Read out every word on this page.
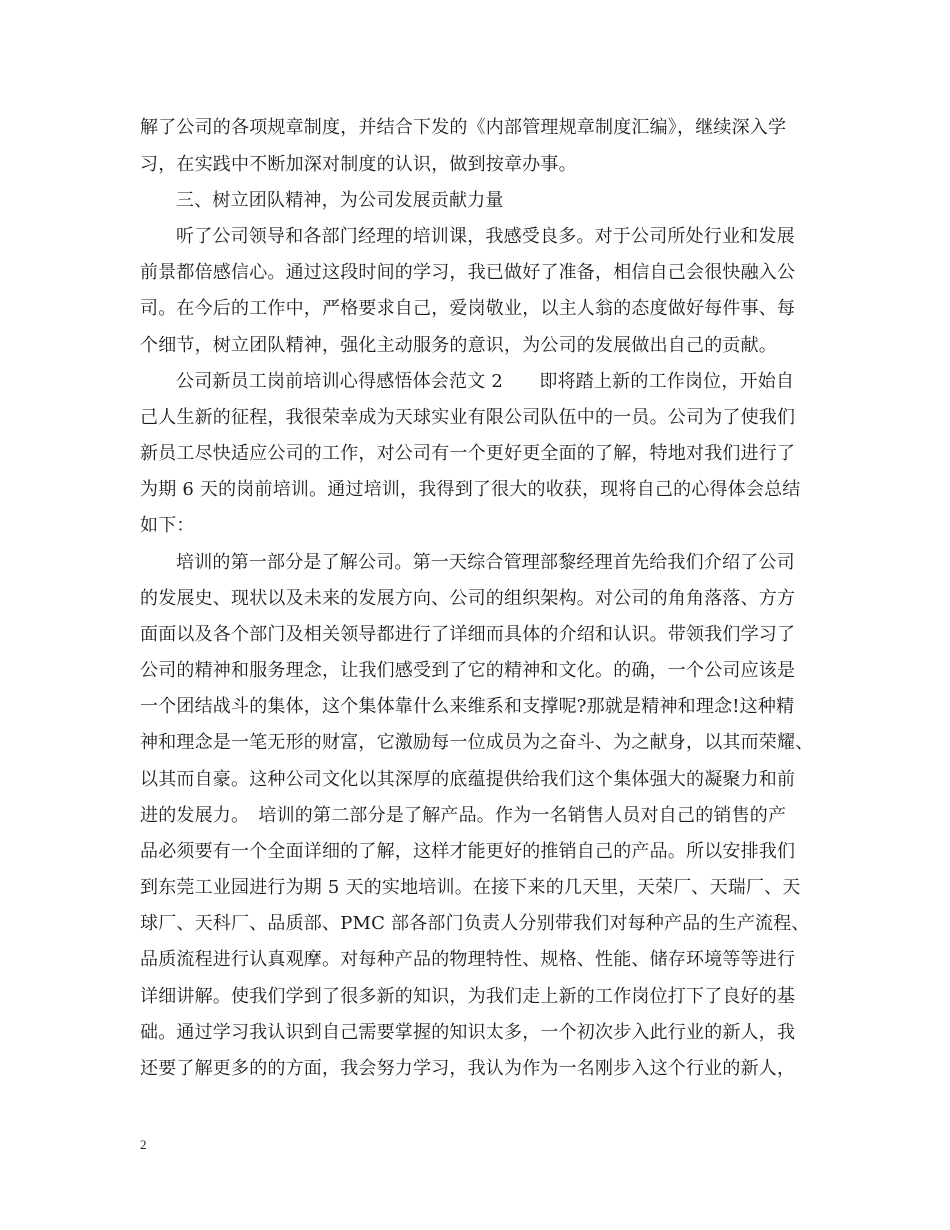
解了公司的各项规章制度，并结合下发的《内部管理规章制度汇编》，继续深入学
习，在实践中不断加深对制度的认识，做到按章办事。
三、树立团队精神，为公司发展贡献力量
听了公司领导和各部门经理的培训课，我感受良多。对于公司所处行业和发展
前景都倍感信心。通过这段时间的学习，我已做好了准备，相信自己会很快融入公
司。在今后的工作中，严格要求自己，爱岗敬业，以主人翁的态度做好每件事、每
个细节，树立团队精神，强化主动服务的意识，为公司的发展做出自己的贡献。
公司新员工岗前培训心得感悟体会范文 2　　即将踏上新的工作岗位，开始自
己人生新的征程，我很荣幸成为天球实业有限公司队伍中的一员。公司为了使我们
新员工尽快适应公司的工作，对公司有一个更好更全面的了解，特地对我们进行了
为期 6 天的岗前培训。通过培训，我得到了很大的收获，现将自己的心得体会总结
如下：
培训的第一部分是了解公司。第一天综合管理部黎经理首先给我们介绍了公司
的发展史、现状以及未来的发展方向、公司的组织架构。对公司的角角落落、方方
面面以及各个部门及相关领导都进行了详细而具体的介绍和认识。带领我们学习了
公司的精神和服务理念，让我们感受到了它的精神和文化。的确，一个公司应该是
一个团结战斗的集体，这个集体靠什么来维系和支撑呢?那就是精神和理念!这种精
神和理念是一笔无形的财富，它激励每一位成员为之奋斗、为之献身，以其而荣耀、
以其而自豪。这种公司文化以其深厚的底蕴提供给我们这个集体强大的凝聚力和前
进的发展力。　培训的第二部分是了解产品。作为一名销售人员对自己的销售的产
品必须要有一个全面详细的了解，这样才能更好的推销自己的产品。所以安排我们
到东莞工业园进行为期 5 天的实地培训。在接下来的几天里，天荣厂、天瑞厂、天
球厂、天科厂、品质部、PMC 部各部门负责人分别带我们对每种产品的生产流程、
品质流程进行认真观摩。对每种产品的物理特性、规格、性能、储存环境等等进行
详细讲解。使我们学到了很多新的知识，为我们走上新的工作岗位打下了良好的基
础。通过学习我认识到自己需要掌握的知识太多，一个初次步入此行业的新人，我
还要了解更多的的方面，我会努力学习，我认为作为一名刚步入这个行业的新人，
2
